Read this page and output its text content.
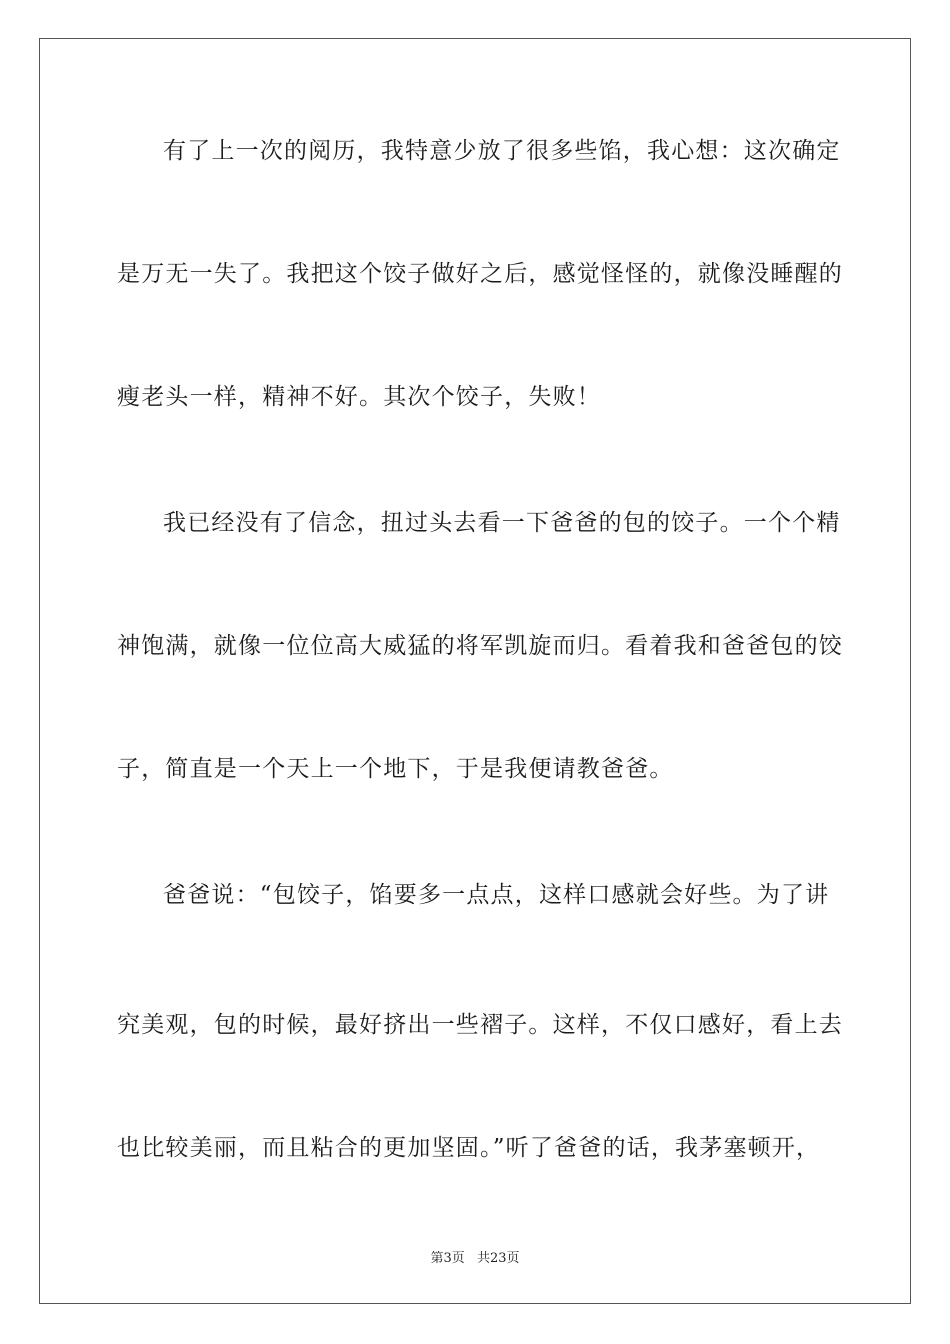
有了上一次的阅历，我特意少放了很多些馅，我心想：这次确定
是万无一失了。我把这个饺子做好之后，感觉怪怪的，就像没睡醒的
瘦老头一样，精神不好。其次个饺子，失败！
我已经没有了信念，扭过头去看一下爸爸的包的饺子。一个个精
神饱满，就像一位位高大威猛的将军凯旋而归。看着我和爸爸包的饺
子，简直是一个天上一个地下，于是我便请教爸爸。
爸爸说：“包饺子，馅要多一点点，这样口感就会好些。为了讲
究美观，包的时候，最好挤出一些褶子。这样，不仅口感好，看上去
也比较美丽，而且粘合的更加坚固。”听了爸爸的话，我茅塞顿开，
第3页 共23页
